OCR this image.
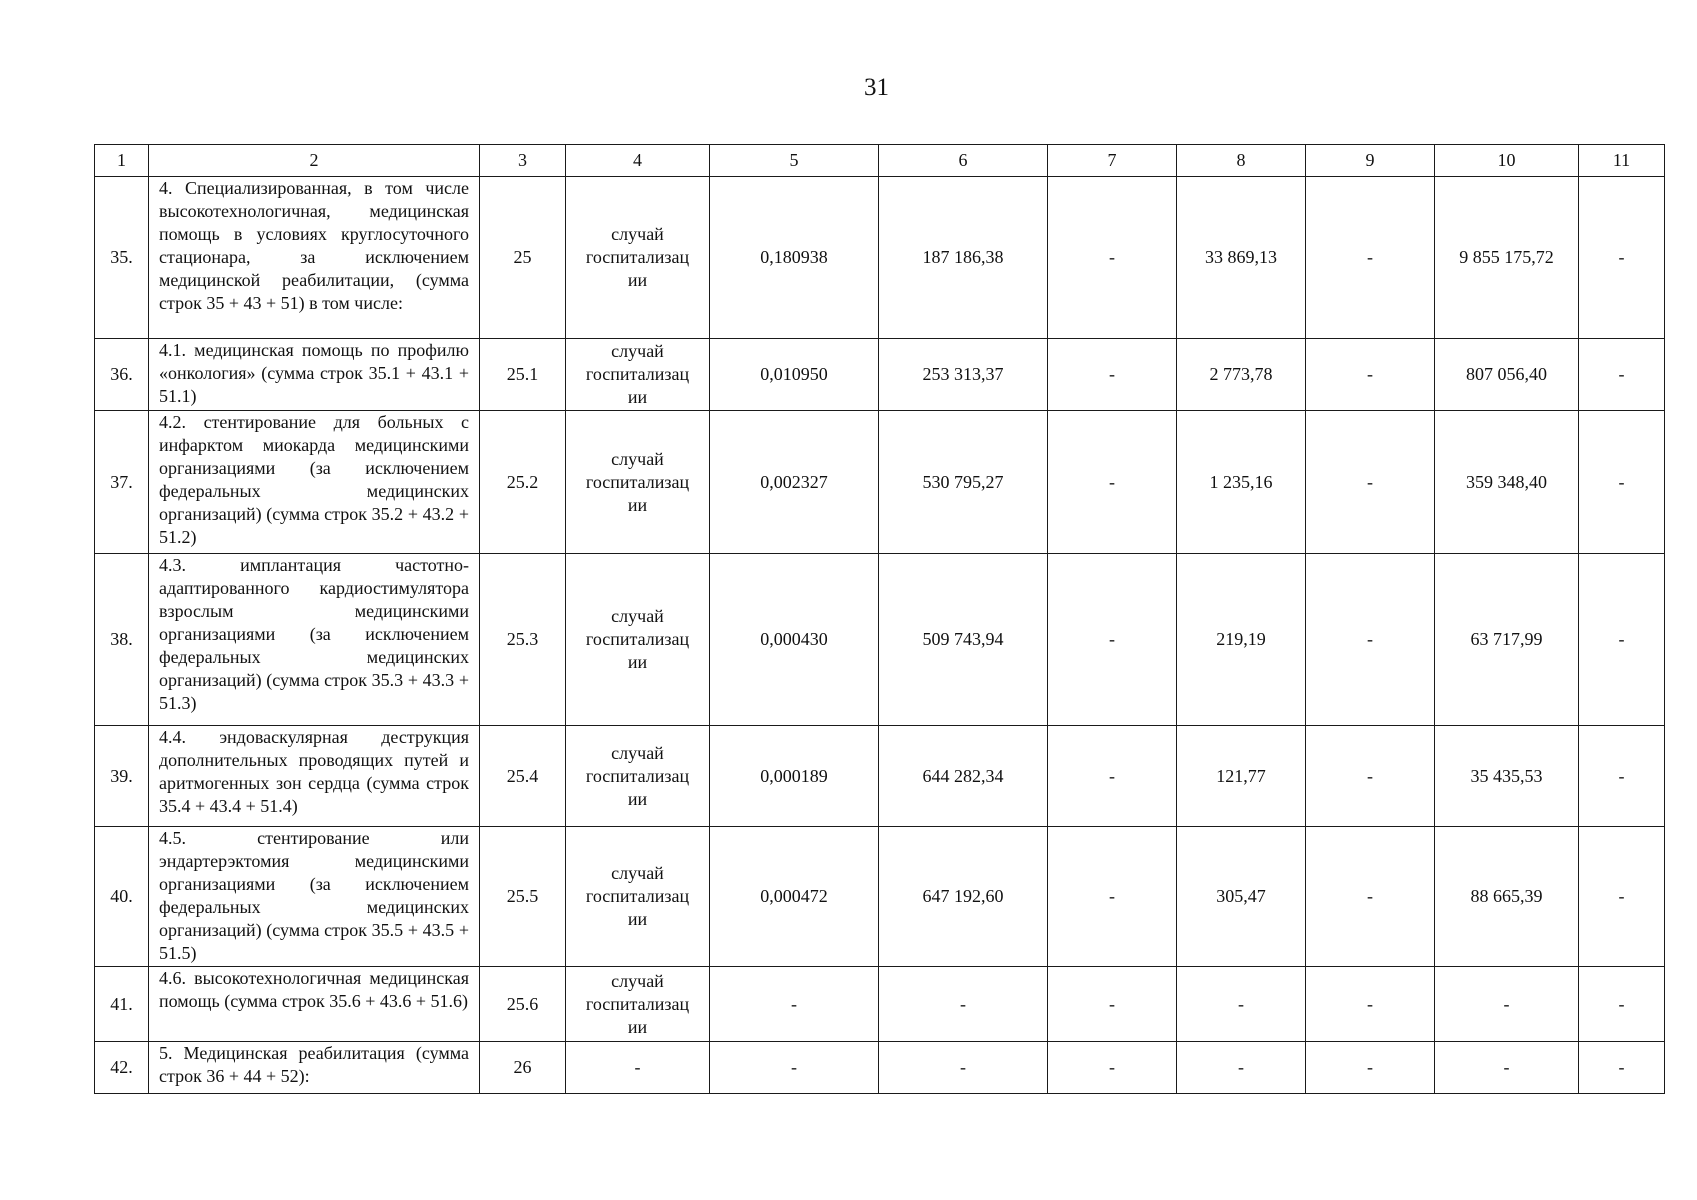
31
1	2	3	4	5	6	7	8	9	10	11
35.	4. Специализированная, в том числе высокотехнологичная, медицинская помощь в условиях круглосуточного стационара, за исключением медицинской реабилитации, (сумма строк 35 + 43 + 51) в том числе:	25	случай госпитализац ии	0,180938	187 186,38	-	33 869,13	-	9 855 175,72	-
36.	4.1. медицинская помощь по профилю «онкология» (сумма строк 35.1 + 43.1 + 51.1)	25.1	случай госпитализац ии	0,010950	253 313,37	-	2 773,78	-	807 056,40	-
37.	4.2. стентирование для больных с инфарктом миокарда медицинскими организациями (за исключением федеральных медицинских организаций) (сумма строк 35.2 + 43.2 + 51.2)	25.2	случай госпитализац ии	0,002327	530 795,27	-	1 235,16	-	359 348,40	-
38.	4.3. имплантация частотно-адаптированного кардиостимулятора взрослым медицинскими организациями (за исключением федеральных медицинских организаций) (сумма строк 35.3 + 43.3 + 51.3)	25.3	случай госпитализац ии	0,000430	509 743,94	-	219,19	-	63 717,99	-
39.	4.4. эндоваскулярная деструкция дополнительных проводящих путей и аритмогенных зон сердца (сумма строк 35.4 + 43.4 + 51.4)	25.4	случай госпитализац ии	0,000189	644 282,34	-	121,77	-	35 435,53	-
40.	4.5. стентирование или эндартерэктомия медицинскими организациями (за исключением федеральных медицинских организаций) (сумма строк 35.5 + 43.5 + 51.5)	25.5	случай госпитализац ии	0,000472	647 192,60	-	305,47	-	88 665,39	-
41.	4.6. высокотехнологичная медицинская помощь (сумма строк 35.6 + 43.6 + 51.6)	25.6	случай госпитализац ии	-	-	-	-	-	-	-
42.	5. Медицинская реабилитация (сумма строк 36 + 44 + 52):	26	-	-	-	-	-	-	-	-
